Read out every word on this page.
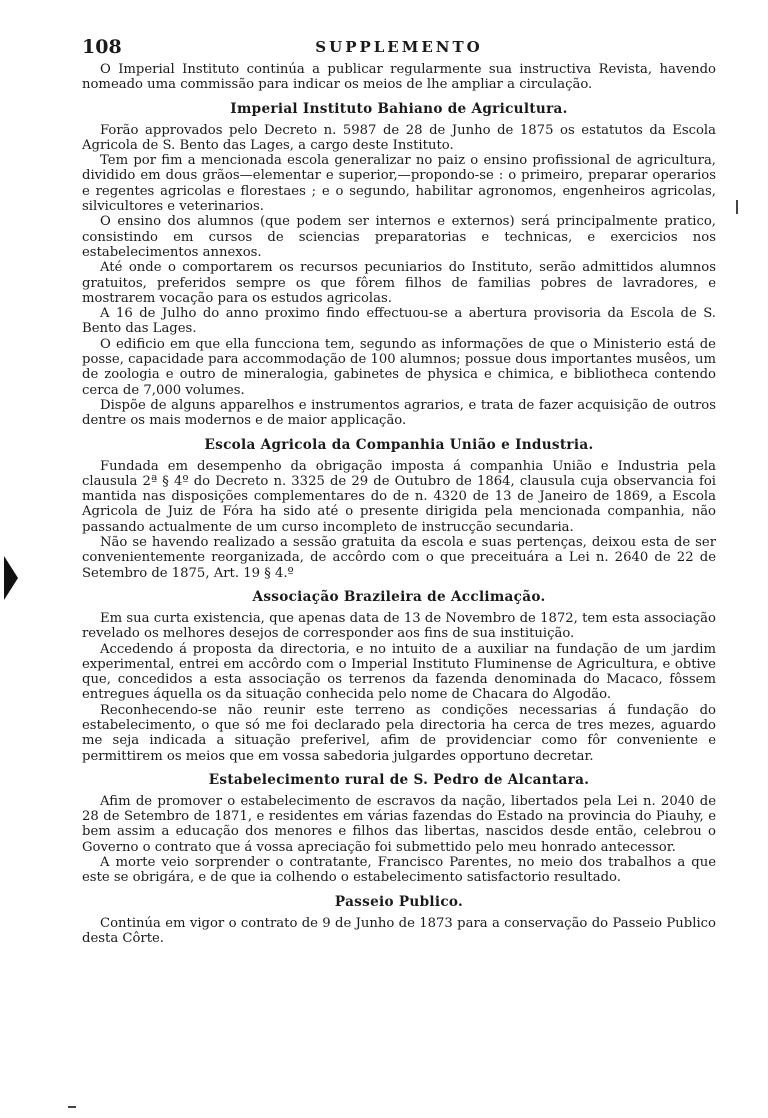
108	SUPPLEMENTO

O Imperial Instituto continúa a publicar regularmente sua instructiva Revista, havendo nomeado uma commissão para indicar os meios de lhe ampliar a circulação.

Imperial Instituto Bahiano de Agricultura.

Forão approvados pelo Decreto n. 5987 de 28 de Junho de 1875 os estatutos da Escola Agricola de S. Bento das Lages, a cargo deste Instituto.

Tem por fim a mencionada escola generalizar no paiz o ensino profissional de agricultura, dividido em dous grãos—elementar e superior,—propondo-se : o primeiro, preparar operarios e regentes agricolas e florestaes ; e o segundo, habilitar agronomos, engenheiros agricolas, silvicultores e veterinarios.

O ensino dos alumnos (que podem ser internos e externos) será principalmente pratico, consistindo em cursos de sciencias preparatorias e technicas, e exercicios nos estabelecimentos annexos.

Até onde o comportarem os recursos pecuniarios do Instituto, serão admittidos alumnos gratuitos, preferidos sempre os que fôrem filhos de familias pobres de lavradores, e mostrarem vocação para os estudos agricolas.

A 16 de Julho do anno proximo findo effectuou-se a abertura provisoria da Escola de S. Bento das Lages.

O edificio em que ella funcciona tem, segundo as informações de que o Ministerio está de posse, capacidade para accommodação de 100 alumnos; possue dous importantes musêos, um de zoologia e outro de mineralogia, gabinetes de physica e chimica, e bibliotheca contendo cerca de 7,000 volumes.

Dispõe de alguns apparelhos e instrumentos agrarios, e trata de fazer acquisição de outros dentre os mais modernos e de maior applicação.

Escola Agricola da Companhia União e Industria.

Fundada em desempenho da obrigação imposta á companhia União e Industria pela clausula 2ª § 4º do Decreto n. 3325 de 29 de Outubro de 1864, clausula cuja observancia foi mantida nas disposições complementares do de n. 4320 de 13 de Janeiro de 1869, a Escola Agricola de Juiz de Fóra ha sido até o presente dirigida pela mencionada companhia, não passando actualmente de um curso incompleto de instrucção secundaria.

Não se havendo realizado a sessão gratuita da escola e suas pertenças, deixou esta de ser convenientemente reorganizada, de accôrdo com o que preceituára a Lei n. 2640 de 22 de Setembro de 1875, Art. 19 § 4.º

Associação Brazileira de Acclimação.

Em sua curta existencia, que apenas data de 13 de Novembro de 1872, tem esta associação revelado os melhores desejos de corresponder aos fins de sua instituição.

Accedendo á proposta da directoria, e no intuito de a auxiliar na fundação de um jardim experimental, entrei em accôrdo com o Imperial Instituto Fluminense de Agricultura, e obtive que, concedidos a esta associação os terrenos da fazenda denominada do Macaco, fôssem entregues áquella os da situação conhecida pelo nome de Chacara do Algodão.

Reconhecendo-se não reunir este terreno as condições necessarias á fundação do estabelecimento, o que só me foi declarado pela directoria ha cerca de tres mezes, aguardo me seja indicada a situação preferivel, afim de providenciar como fôr conveniente e permittirem os meios que em vossa sabedoria julgardes opportuno decretar.

Estabelecimento rural de S. Pedro de Alcantara.

Afim de promover o estabelecimento de escravos da nação, libertados pela Lei n. 2040 de 28 de Setembro de 1871, e residentes em várias fazendas do Estado na provincia do Piauhy, e bem assim a educação dos menores e filhos das libertas, nascidos desde então, celebrou o Governo o contrato que á vossa apreciação foi submettido pelo meu honrado antecessor.

A morte veio sorprender o contratante, Francisco Parentes, no meio dos trabalhos a que este se obrigára, e de que ia colhendo o estabelecimento satisfactorio resultado.

Passeio Publico.

Continúa em vigor o contrato de 9 de Junho de 1873 para a conservação do Passeio Publico desta Côrte.
